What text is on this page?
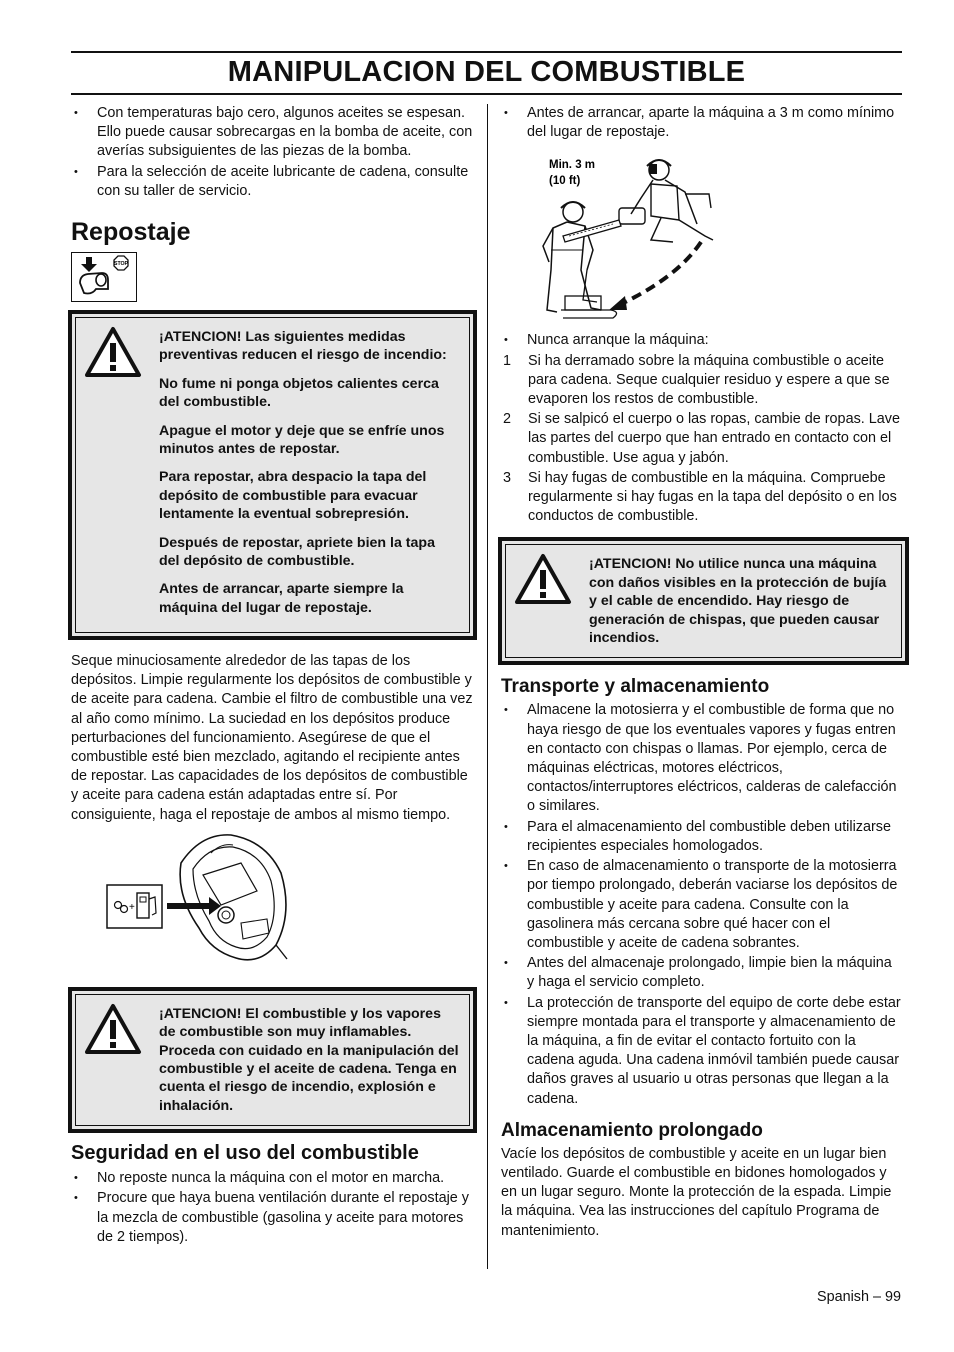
MANIPULACION DEL COMBUSTIBLE
• Con temperaturas bajo cero, algunos aceites se espesan. Ello puede causar sobrecargas en la bomba de aceite, con averías subsiguientes de las piezas de la bomba.
• Para la selección de aceite lubricante de cadena, consulte con su taller de servicio.
Repostaje
STOP

¡ATENCION! Las siguientes medidas preventivas reducen el riesgo de incendio:

No fume ni ponga objetos calientes cerca del combustible.

Apague el motor y deje que se enfríe unos minutos antes de repostar.

Para repostar, abra despacio la tapa del depósito de combustible para evacuar lentamente la eventual sobrepresión.

Después de repostar, apriete bien la tapa del depósito de combustible.

Antes de arrancar, aparte siempre la máquina del lugar de repostaje.

Seque minuciosamente alrededor de las tapas de los depósitos. Limpie regularmente los depósitos de combustible y de aceite para cadena. Cambie el filtro de combustible una vez al año como mínimo. La suciedad en los depósitos produce perturbaciones del funcionamiento. Asegúrese de que el combustible esté bien mezclado, agitando el recipiente antes de repostar. Las capacidades de los depósitos de combustible y aceite para cadena están adaptadas entre sí. Por consiguiente, haga el repostaje de ambos al mismo tiempo.

+

¡ATENCION! El combustible y los vapores de combustible son muy inflamables. Proceda con cuidado en la manipulación del combustible y el aceite de cadena. Tenga en cuenta el riesgo de incendio, explosión e inhalación.

Seguridad en el uso del combustible
• No reposte nunca la máquina con el motor en marcha.
• Procure que haya buena ventilación durante el repostaje y la mezcla de combustible (gasolina y aceite para motores de 2 tiempos).
• Antes de arrancar, aparte la máquina a 3 m como mínimo del lugar de repostaje.
Min. 3 m
(10 ft)
• Nunca arranque la máquina:
1 Si ha derramado sobre la máquina combustible o aceite para cadena. Seque cualquier residuo y espere a que se evaporen los restos de combustible.
2 Si se salpicó el cuerpo o las ropas, cambie de ropas. Lave las partes del cuerpo que han entrado en contacto con el combustible. Use agua y jabón.
3 Si hay fugas de combustible en la máquina. Compruebe regularmente si hay fugas en la tapa del depósito o en los conductos de combustible.

¡ATENCION! No utilice nunca una máquina con daños visibles en la protección de bujía y el cable de encendido. Hay riesgo de generación de chispas, que pueden causar incendios.

Transporte y almacenamiento
• Almacene la motosierra y el combustible de forma que no haya riesgo de que los eventuales vapores y fugas entren en contacto con chispas o llamas. Por ejemplo, cerca de máquinas eléctricas, motores eléctricos, contactos/interruptores eléctricos, calderas de calefacción o similares.
• Para el almacenamiento del combustible deben utilizarse recipientes especiales homologados.
• En caso de almacenamiento o transporte de la motosierra por tiempo prolongado, deberán vaciarse los depósitos de combustible y aceite para cadena. Consulte con la gasolinera más cercana sobre qué hacer con el combustible y aceite de cadena sobrantes.
• Antes del almacenaje prolongado, limpie bien la máquina y haga el servicio completo.
• La protección de transporte del equipo de corte debe estar siempre montada para el transporte y almacenamiento de la máquina, a fin de evitar el contacto fortuito con la cadena aguda. Una cadena inmóvil también puede causar daños graves al usuario u otras personas que llegan a la cadena.
Almacenamiento prolongado

Vacíe los depósitos de combustible y aceite en un lugar bien ventilado. Guarde el combustible en bidones homologados y en un lugar seguro. Monte la protección de la espada. Limpie la máquina. Vea las instrucciones del capítulo Programa de mantenimiento.

Spanish – 99
